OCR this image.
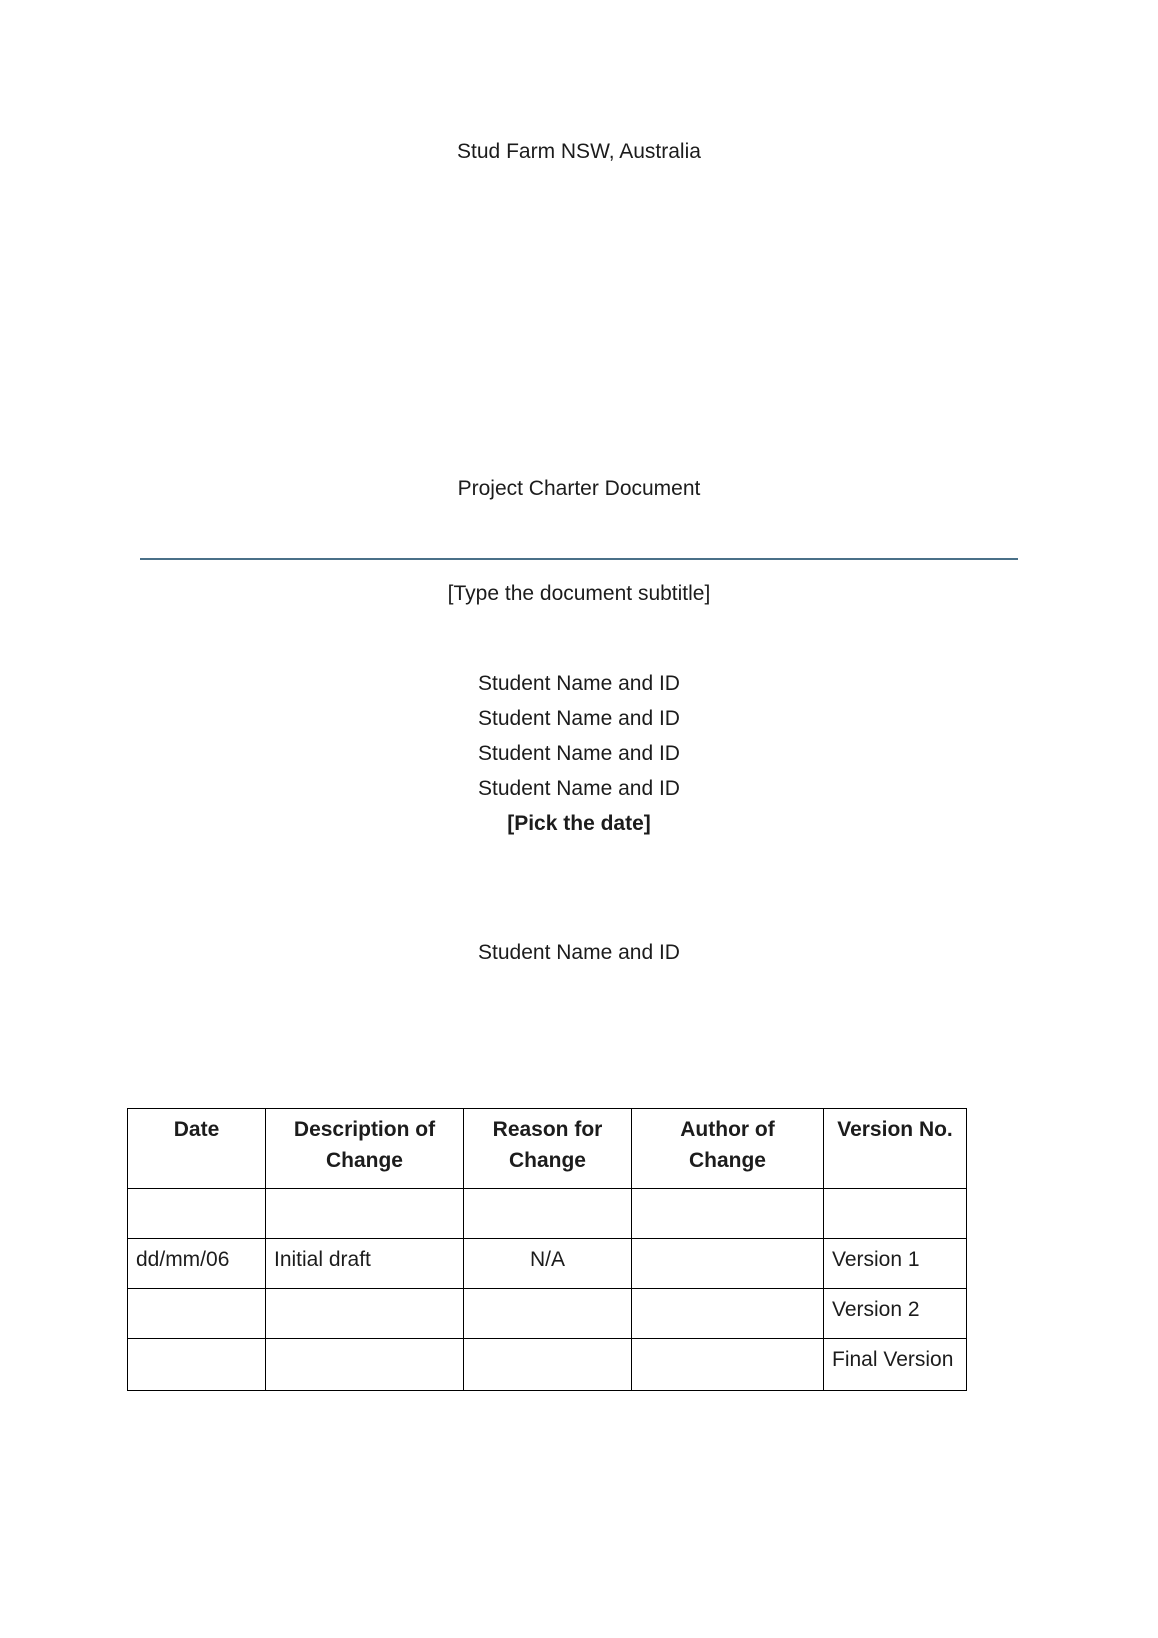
Stud Farm NSW, Australia
Project Charter Document
[Type the document subtitle]
Student Name and ID
Student Name and ID
Student Name and ID
Student Name and ID
[Pick the date]
Student Name and ID
Date	Description of Change	Reason for Change	Author of Change	Version No.

dd/mm/06	Initial draft	N/A		Version 1
				Version 2
				Final Version
